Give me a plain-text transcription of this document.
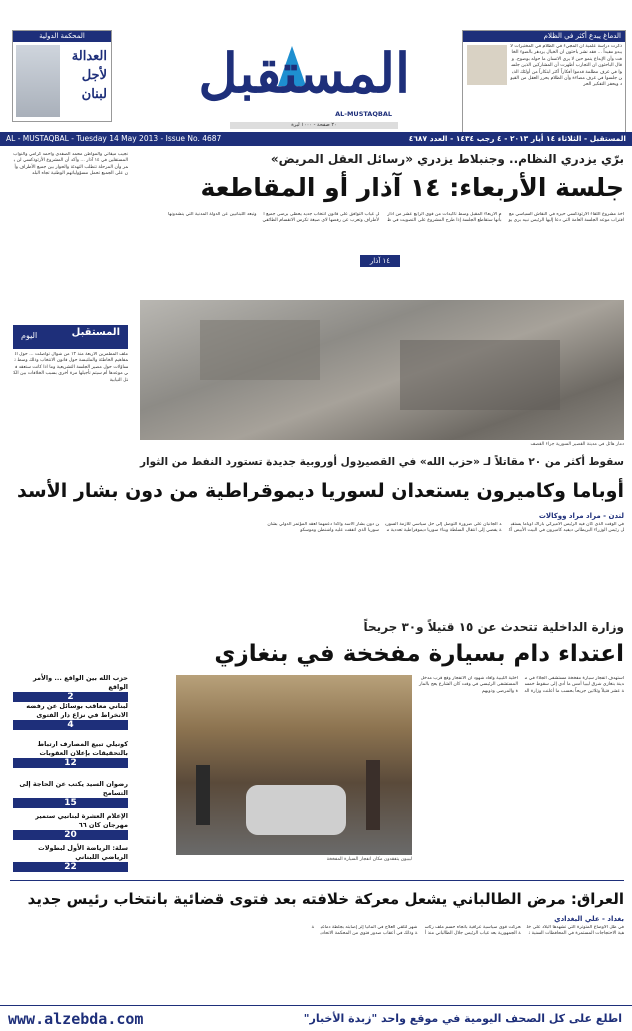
المحكمة الدولية
العدالة لأجل لبنان المستقبل
AL-MUSTAQBAL
٢٠ صفحة - ١٠٠٠ ليرة
الدماغ يبدع أكثر في الظلام
ذكرت دراسة علمية أن المجيء في الظلام في المختبرات لا يبدو مفيداً ... فقد نشر باحثون ان الخيال يزدهر بالضوء الخافت وأن الإبداع ينمو حين لا يرى الانسان ما حوله بوضوح. وقال الباحثون ان التجارب أظهرت أن المشاركين الذين جلسوا في غرف مظلمة قدموا أفكاراً أكثر ابتكاراً من أولئك الذين جلسوا في غرف مضاءة وأن الظلام يحرر العقل من القيود ويحفز التفكير الحر
AL - MUSTAQBAL - Tuesday 14 May 2013 - Issue No. 4687	المستقبل - الثلاثاء ١٤ أيار ٢٠١٣ - ٤ رجب ١٤٣٤ - العدد ٤٦٨٧
برّي يزدري النظام.. وجنبلاط يزدري «رسائل العقل المريض»
جلسة الأربعاء: ١٤ آذار أو المقاطعة
١٤ آذار
أخذ مشروع اللقاء الأرثوذكسي حيزه في النقاش السياسي مع اقتراب موعد الجلسة العامة التي دعا إليها الرئيس نبيه بري يوم الأربعاء المقبل وسط تأكيدات من قوى الرابع عشر من آذار بأنها ستقاطع الجلسة إذا طرح المشروع على التصويت في ظل غياب التوافق على قانون انتخاب جديد يحظى برضى جميع الأطراف وتعرب عن رفضها لاي صيغة تكرس الانقسام الطائفي وتبعد اللبنانيين عن الدولة المدنية التي ينشدونها
دمار هائل في مدينة القصير السورية جراء القصف
سقوط أكثر من ٢٠ مقاتلاً لـ «حزب الله» في القصير
دول أوروبية جديدة تستورد النفط من الثوار
أوباما وكاميرون يستعدان لسوريا ديموقراطية من دون بشار الأسد
لندن - مراد مراد ووكالات
في الوقت الذي كان فيه الرئيس الأميركي باراك أوباما يستقبل رئيس الوزراء البريطاني ديفيد كاميرون في البيت الأبيض أكد الجانبان على ضرورة التوصل إلى حل سياسي للأزمة السورية يفضي إلى انتقال السلطة وبناء سوريا ديموقراطية تعددية من دون بشار الأسد وأكدا دعمهما لعقد المؤتمر الدولي بشأن سوريا الذي اتفقت عليه واشنطن وموسكو
وزارة الداخلية تتحدث عن ١٥ قتيلاً و٣٠ جريحاً
اعتداء دام بسيارة مفخخة في بنغازي
ليبيون يتفقدون مكان انفجار السيارة المفخخة
استهدف انفجار سيارة مفخخة مستشفى الجلاء في مدينة بنغازي شرق ليبيا أمس ما أدى إلى سقوط خمسة عشر قتيلاً وثلاثين جريحاً بحسب ما أعلنت وزارة الداخلية الليبية وأفاد شهود أن الانفجار وقع قرب مدخل المستشفى الرئيسي في وقت كان الشارع يعج بالمارة والمرضى وذويهم
العراق: مرض الطالباني يشعل معركة خلافته بعد فتوى قضائية بانتخاب رئيس جديد
بغداد - علي البغدادي
في ظل الأوضاع المتوترة التي تشهدها البلاد على خلفية الاحتجاجات المستمرة في المحافظات السنية تحركت قوى سياسية عراقية باتجاه حسم ملف رئاسة الجمهورية بعد غياب الرئيس جلال الطالباني منذ أشهر لتلقي العلاج في ألمانيا إثر إصابته بجلطة دماغية وذلك في أعقاب صدور فتوى من المحكمة الاتحادية
نجيب ميقاتي والمواطن محمد الصفدي وأحمد كرامي والنواب المستقلين في ١٤ آذار ... وأكد أن المشروع الأرثوذكسي لن يمر وأن المرحلة تتطلب التهدئة والحوار بين جميع الأطراف وأن على الجميع تحمل مسؤولياتهم الوطنية تجاه البلد
المستقبل
اليوم
ملف المطمرين الأربعة منذ ١٢ من شوال تواصلت ... حول المفاهيم الخاطئة والملتبسة حول قانون الانتخاب وذلك وسط تساؤلات حول مصير الجلسة التشريعية وما اذا كانت ستعقد في موعدها أم سيتم تأجيلها مرة أخرى بسبب الخلافات بين الكتل النيابية
حزب الله بين الواقع ... والأمر الواقع
2
لبناني معاقب بوسائل عن رفضه الانخراط في نزاع دار الفتوى
4
كونيلي تبيع المصارف ارتباط بالتحقيقات بإعلان العقوبات
12
رضوان السيد يكتب عن الحاجة إلى التسامح
15
الإعلام العشرة لبنانيي ستمير مهرجان كان ٦٦
20
سلة: الرياضة الأول لبطولات الرياضي اللبناني
22
www.alzebda.com	اطلع على كل الصحف اليومية في موقع واحد "زبدة الأخبار"
